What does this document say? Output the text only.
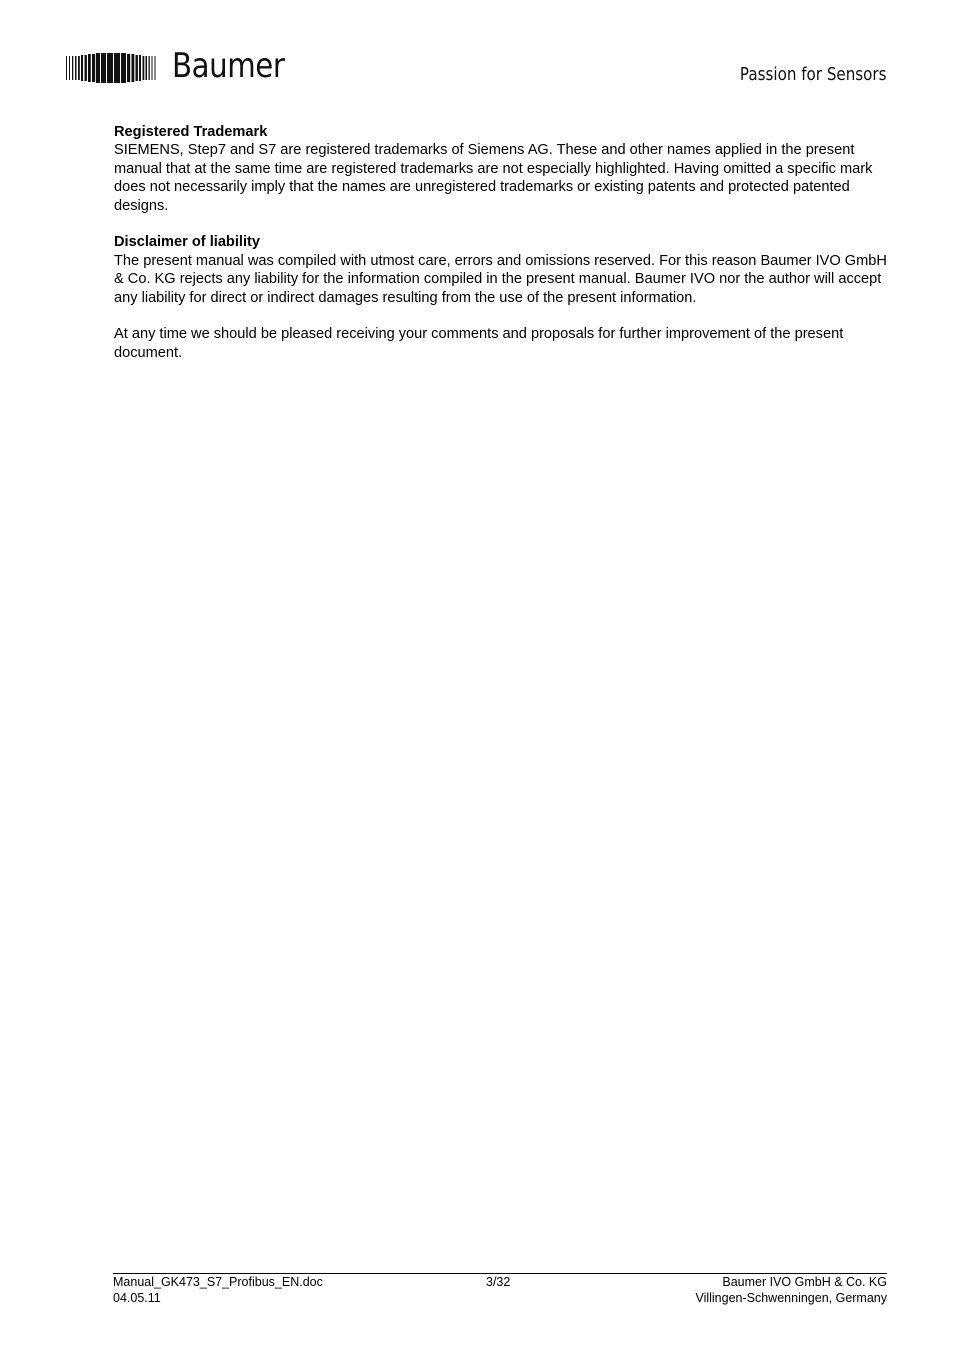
Baumer	Passion for Sensors
Registered Trademark

SIEMENS, Step7 and S7 are registered trademarks of Siemens AG. These and other names applied in the present manual that at the same time are registered trademarks are not especially highlighted. Having omitted a specific mark does not necessarily imply that the names are unregistered trademarks or existing patents and protected patented designs.

Disclaimer of liability

The present manual was compiled with utmost care, errors and omissions reserved. For this reason Baumer IVO GmbH & Co. KG rejects any liability for the information compiled in the present manual. Baumer IVO nor the author will accept any liability for direct or indirect damages resulting from the use of the present information.

At any time we should be pleased receiving your comments and proposals for further improvement of the present document.

Manual_GK473_S7_Profibus_EN.doc
04.05.11
3/32	Baumer IVO GmbH & Co. KG
Villingen-Schwenningen, Germany
